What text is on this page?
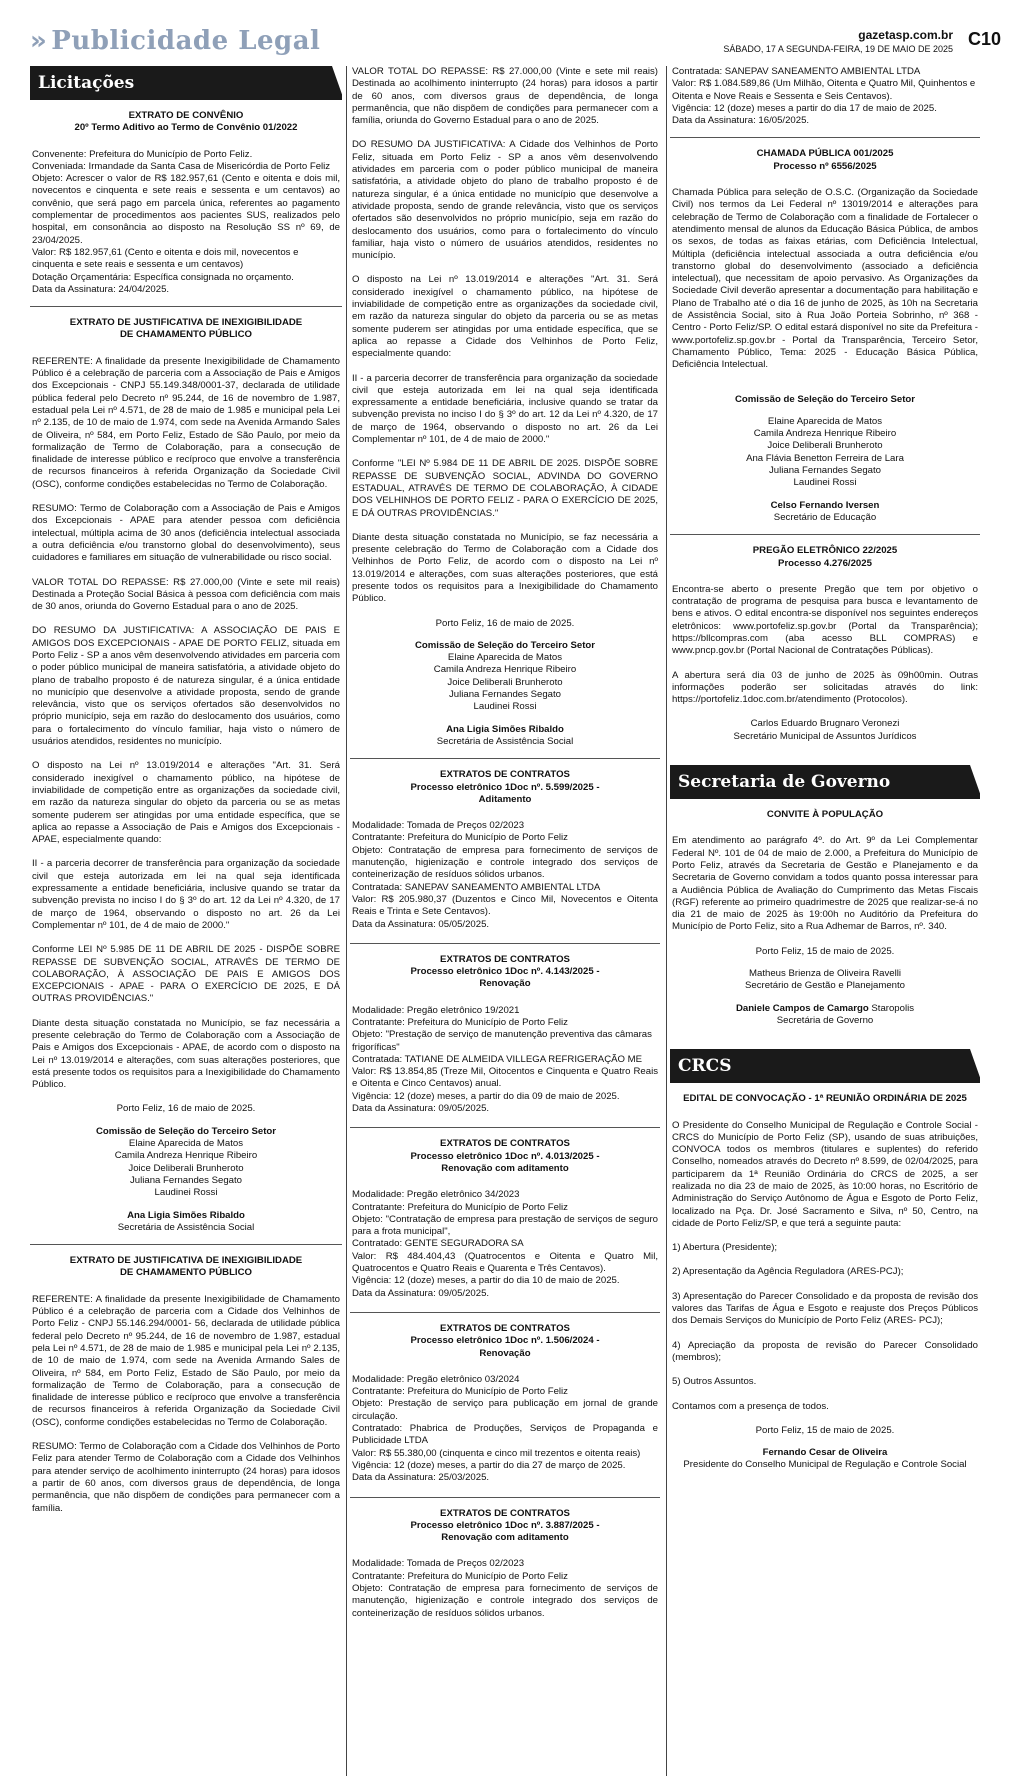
» Publicidade Legal	gazetasp.com.br
SÁBADO, 17 A SEGUNDA-FEIRA, 19 DE MAIO DE 2025 C10
Licitações
EXTRATO DE CONVÊNIO
20º Termo Aditivo ao Termo de Convênio 01/2022
Convenente: Prefeitura do Município de Porto Feliz.
Conveniada: Irmandade da Santa Casa de Misericórdia de Porto Feliz
Objeto: Acrescer o valor de R$ 182.957,61 (Cento e oitenta e dois mil, novecentos e cinquenta e sete reais e sessenta e um centavos) ao convênio, que será pago em parcela única, referentes ao pagamento complementar de procedimentos aos pacientes SUS, realizados pelo hospital, em consonância ao disposto na Resolução SS nº 69, de 23/04/2025.
Valor: R$ 182.957,61 (Cento e oitenta e dois mil, novecentos e cinquenta e sete reais e sessenta e um centavos)
Dotação Orçamentária: Específica consignada no orçamento.
Data da Assinatura: 24/04/2025.
EXTRATO DE JUSTIFICATIVA DE INEXIGIBILIDADE
DE CHAMAMENTO PÚBLICO
REFERENTE: A finalidade da presente Inexigibilidade de Chamamento Público é a celebração de parceria com a Associação de Pais e Amigos dos Excepcionais - CNPJ 55.149.348/0001-37, declarada de utilidade pública federal pelo Decreto nº 95.244, de 16 de novembro de 1.987, estadual pela Lei nº 4.571, de 28 de maio de 1.985 e municipal pela Lei nº 2.135, de 10 de maio de 1.974, com sede na Avenida Armando Sales de Oliveira, nº 584, em Porto Feliz, Estado de São Paulo, por meio da formalização de Termo de Colaboração, para a consecução de finalidade de interesse público e recíproco que envolve a transferência de recursos financeiros à referida Organização da Sociedade Civil (OSC), conforme condições estabelecidas no Termo de Colaboração.
RESUMO: Termo de Colaboração com a Associação de Pais e Amigos dos Excepcionais - APAE para atender pessoa com deficiência intelectual, múltipla acima de 30 anos (deficiência intelectual associada a outra deficiência e/ou transtorno global do desenvolvimento), seus cuidadores e familiares em situação de vulnerabilidade ou risco social.
VALOR TOTAL DO REPASSE: R$ 27.000,00 (Vinte e sete mil reais) Destinada a Proteção Social Básica à pessoa com deficiência com mais de 30 anos, oriunda do Governo Estadual para o ano de 2025.
DO RESUMO DA JUSTIFICATIVA: A ASSOCIAÇÃO DE PAIS E AMIGOS DOS EXCEPCIONAIS - APAE DE PORTO FELIZ, situada em Porto Feliz - SP a anos vêm desenvolvendo atividades em parceria com o poder público municipal de maneira satisfatória, a atividade objeto do plano de trabalho proposto é de natureza singular, é a única entidade no município que desenvolve a atividade proposta, sendo de grande relevância, visto que os serviços ofertados são desenvolvidos no próprio município, seja em razão do deslocamento dos usuários, como para o fortalecimento do vínculo familiar, haja visto o número de usuários atendidos, residentes no município.
O disposto na Lei nº 13.019/2014 e alterações "Art. 31. Será considerado inexigível o chamamento público, na hipótese de inviabilidade de competição entre as organizações da sociedade civil, em razão da natureza singular do objeto da parceria ou se as metas somente puderem ser atingidas por uma entidade específica, que se aplica ao repasse a Associação de Pais e Amigos dos Excepcionais - APAE, especialmente quando:
II - a parceria decorrer de transferência para organização da sociedade civil que esteja autorizada em lei na qual seja identificada expressamente a entidade beneficiária, inclusive quando se tratar da subvenção prevista no inciso I do § 3º do art. 12 da Lei nº 4.320, de 17 de março de 1964, observando o disposto no art. 26 da Lei Complementar nº 101, de 4 de maio de 2000."
Conforme LEI Nº 5.985 DE 11 DE ABRIL DE 2025 - DISPÕE SOBRE REPASSE DE SUBVENÇÃO SOCIAL, ATRAVÉS DE TERMO DE COLABORAÇÃO, À ASSOCIAÇÃO DE PAIS E AMIGOS DOS EXCEPCIONAIS - APAE - PARA O EXERCÍCIO DE 2025, E DÁ OUTRAS PROVIDÊNCIAS."
Diante desta situação constatada no Município, se faz necessária a presente celebração do Termo de Colaboração com a Associação de Pais e Amigos dos Excepcionais - APAE, de acordo com o disposto na Lei nº 13.019/2014 e alterações, com suas alterações posteriores, que está presente todos os requisitos para a Inexigibilidade do Chamamento Público.
Porto Feliz, 16 de maio de 2025.
Comissão de Seleção do Terceiro Setor
Elaine Aparecida de Matos
Camila Andreza Henrique Ribeiro
Joice Deliberali Brunheroto
Juliana Fernandes Segato
Laudinei Rossi
Ana Ligia Simões Ribaldo
Secretária de Assistência Social
EXTRATO DE JUSTIFICATIVA DE INEXIGIBILIDADE
DE CHAMAMENTO PÚBLICO
REFERENTE: A finalidade da presente Inexigibilidade de Chamamento Público é a celebração de parceria com a Cidade dos Velhinhos de Porto Feliz - CNPJ 55.146.294/0001- 56, declarada de utilidade pública federal pelo Decreto nº 95.244, de 16 de novembro de 1.987, estadual pela Lei nº 4.571, de 28 de maio de 1.985 e municipal pela Lei nº 2.135, de 10 de maio de 1.974, com sede na Avenida Armando Sales de Oliveira, nº 584, em Porto Feliz, Estado de São Paulo, por meio da formalização de Termo de Colaboração, para a consecução de finalidade de interesse público e recíproco que envolve a transferência de recursos financeiros à referida Organização da Sociedade Civil (OSC), conforme condições estabelecidas no Termo de Colaboração.
RESUMO: Termo de Colaboração com a Cidade dos Velhinhos de Porto Feliz para atender Termo de Colaboração com a Cidade dos Velhinhos para atender serviço de acolhimento ininterrupto (24 horas) para idosos a partir de 60 anos, com diversos graus de dependência, de longa permanência, que não dispõem de condições para permanecer com a família.
VALOR TOTAL DO REPASSE: R$ 27.000,00 (Vinte e sete mil reais) Destinada ao acolhimento ininterrupto (24 horas) para idosos a partir de 60 anos, com diversos graus de dependência, de longa permanência, que não dispõem de condições para permanecer com a família, oriunda do Governo Estadual para o ano de 2025.
DO RESUMO DA JUSTIFICATIVA: A Cidade dos Velhinhos de Porto Feliz, situada em Porto Feliz - SP a anos vêm desenvolvendo atividades em parceria com o poder público municipal de maneira satisfatória, a atividade objeto do plano de trabalho proposto é de natureza singular, é a única entidade no município que desenvolve a atividade proposta, sendo de grande relevância, visto que os serviços ofertados são desenvolvidos no próprio município, seja em razão do deslocamento dos usuários, como para o fortalecimento do vínculo familiar, haja visto o número de usuários atendidos, residentes no município.
O disposto na Lei nº 13.019/2014 e alterações "Art. 31. Será considerado inexigível o chamamento público, na hipótese de inviabilidade de competição entre as organizações da sociedade civil, em razão da natureza singular do objeto da parceria ou se as metas somente puderem ser atingidas por uma entidade específica, que se aplica ao repasse a Cidade dos Velhinhos de Porto Feliz, especialmente quando:
II - a parceria decorrer de transferência para organização da sociedade civil que esteja autorizada em lei na qual seja identificada expressamente a entidade beneficiária, inclusive quando se tratar da subvenção prevista no inciso I do § 3º do art. 12 da Lei nº 4.320, de 17 de março de 1964, observando o disposto no art. 26 da Lei Complementar nº 101, de 4 de maio de 2000."
Conforme "LEI Nº 5.984 DE 11 DE ABRIL DE 2025. DISPÕE SOBRE REPASSE DE SUBVENÇÃO SOCIAL, ADVINDA DO GOVERNO ESTADUAL, ATRAVÉS DE TERMO DE COLABORAÇÃO, À CIDADE DOS VELHINHOS DE PORTO FELIZ - PARA O EXERCÍCIO DE 2025, E DÁ OUTRAS PROVIDÊNCIAS."
Diante desta situação constatada no Município, se faz necessária a presente celebração do Termo de Colaboração com a Cidade dos Velhinhos de Porto Feliz, de acordo com o disposto na Lei nº 13.019/2014 e alterações, com suas alterações posteriores, que está presente todos os requisitos para a Inexigibilidade do Chamamento Público.
Porto Feliz, 16 de maio de 2025.
Comissão de Seleção do Terceiro Setor
Elaine Aparecida de Matos
Camila Andreza Henrique Ribeiro
Joice Deliberali Brunheroto
Juliana Fernandes Segato
Laudinei Rossi
Ana Ligia Simões Ribaldo
Secretária de Assistência Social
EXTRATOS DE CONTRATOS
Processo eletrônico 1Doc nº. 5.599/2025 -
Aditamento
Modalidade: Tomada de Preços 02/2023
Contratante: Prefeitura do Município de Porto Feliz
Objeto: Contratação de empresa para fornecimento de serviços de manutenção, higienização e controle integrado dos serviços de conteinerização de resíduos sólidos urbanos.
Contratada: SANEPAV SANEAMENTO AMBIENTAL LTDA
Valor: R$ 205.980,37 (Duzentos e Cinco Mil, Novecentos e Oitenta Reais e Trinta e Sete Centavos).
Data da Assinatura: 05/05/2025.
EXTRATOS DE CONTRATOS
Processo eletrônico 1Doc nº. 4.143/2025 -
Renovação
Modalidade: Pregão eletrônico 19/2021
Contratante: Prefeitura do Município de Porto Feliz
Objeto: "Prestação de serviço de manutenção preventiva das câmaras frigoríficas"
Contratada: TATIANE DE ALMEIDA VILLEGA REFRIGERAÇÃO ME
Valor: R$ 13.854,85 (Treze Mil, Oitocentos e Cinquenta e Quatro Reais e Oitenta e Cinco Centavos) anual.
Vigência: 12 (doze) meses, a partir do dia 09 de maio de 2025.
Data da Assinatura: 09/05/2025.
EXTRATOS DE CONTRATOS
Processo eletrônico 1Doc nº. 4.013/2025 -
Renovação com aditamento
Modalidade: Pregão eletrônico 34/2023
Contratante: Prefeitura do Município de Porto Feliz
Objeto: "Contratação de empresa para prestação de serviços de seguro para a frota municipal",
Contratado: GENTE SEGURADORA SA
Valor: R$ 484.404,43 (Quatrocentos e Oitenta e Quatro Mil, Quatrocentos e Quatro Reais e Quarenta e Três Centavos).
Vigência: 12 (doze) meses, a partir do dia 10 de maio de 2025.
Data da Assinatura: 09/05/2025.
EXTRATOS DE CONTRATOS
Processo eletrônico 1Doc nº. 1.506/2024 -
Renovação
Modalidade: Pregão eletrônico 03/2024
Contratante: Prefeitura do Município de Porto Feliz
Objeto: Prestação de serviço para publicação em jornal de grande circulação.
Contratado: Phabrica de Produções, Serviços de Propaganda e Publicidade LTDA
Valor: R$ 55.380,00 (cinquenta e cinco mil trezentos e oitenta reais)
Vigência: 12 (doze) meses, a partir do dia 27 de março de 2025.
Data da Assinatura: 25/03/2025.
EXTRATOS DE CONTRATOS
Processo eletrônico 1Doc nº. 3.887/2025 -
Renovação com aditamento
Modalidade: Tomada de Preços 02/2023
Contratante: Prefeitura do Município de Porto Feliz
Objeto: Contratação de empresa para fornecimento de serviços de manutenção, higienização e controle integrado dos serviços de conteinerização de resíduos sólidos urbanos.
Contratada: SANEPAV SANEAMENTO AMBIENTAL LTDA
Valor: R$ 1.084.589,86 (Um Milhão, Oitenta e Quatro Mil, Quinhentos e Oitenta e Nove Reais e Sessenta e Seis Centavos).
Vigência: 12 (doze) meses a partir do dia 17 de maio de 2025.
Data da Assinatura: 16/05/2025.
CHAMADA PÚBLICA 001/2025
Processo nº 6556/2025
Chamada Pública para seleção de O.S.C. (Organização da Sociedade Civil) nos termos da Lei Federal nº 13019/2014 e alterações para celebração de Termo de Colaboração com a finalidade de Fortalecer o atendimento mensal de alunos da Educação Básica Pública, de ambos os sexos, de todas as faixas etárias, com Deficiência Intelectual, Múltipla (deficiência intelectual associada a outra deficiência e/ou transtorno global do desenvolvimento (associado a deficiência intelectual), que necessitam de apoio pervasivo. As Organizações da Sociedade Civil deverão apresentar a documentação para habilitação e Plano de Trabalho até o dia 16 de junho de 2025, às 10h na Secretaria de Assistência Social, sito à Rua João Porteia Sobrinho, nº 368 - Centro - Porto Feliz/SP. O edital estará disponível no site da Prefeitura - www.portofeliz.sp.gov.br - Portal da Transparência, Terceiro Setor, Chamamento Público, Tema: 2025 - Educação Básica Pública, Deficiência Intelectual.
Comissão de Seleção do Terceiro Setor
Elaine Aparecida de Matos
Camila Andreza Henrique Ribeiro
Joice Deliberali Brunheroto
Ana Flávia Benetton Ferreira de Lara
Juliana Fernandes Segato
Laudinei Rossi
Celso Fernando Iversen
Secretário de Educação
PREGÃO ELETRÔNICO 22/2025
Processo 4.276/2025
Encontra-se aberto o presente Pregão que tem por objetivo o contratação de programa de pesquisa para busca e levantamento de bens e ativos. O edital encontra-se disponível nos seguintes endereços eletrônicos: www.portofeliz.sp.gov.br (Portal da Transparência); https://bllcompras.com (aba acesso BLL COMPRAS) e www.pncp.gov.br (Portal Nacional de Contratações Públicas).
A abertura será dia 03 de junho de 2025 às 09h00min. Outras informações poderão ser solicitadas através do link: https://portofeliz.1doc.com.br/atendimento (Protocolos).
Carlos Eduardo Brugnaro Veronezi
Secretário Municipal de Assuntos Jurídicos
Secretaria de Governo
CONVITE À POPULAÇÃO
Em atendimento ao parágrafo 4º. do Art. 9º da Lei Complementar Federal Nº. 101 de 04 de maio de 2.000, a Prefeitura do Município de Porto Feliz, através da Secretaria de Gestão e Planejamento e da Secretaria de Governo convidam a todos quanto possa interessar para a Audiência Pública de Avaliação do Cumprimento das Metas Fiscais (RGF) referente ao primeiro quadrimestre de 2025 que realizar-se-á no dia 21 de maio de 2025 às 19:00h no Auditório da Prefeitura do Município de Porto Feliz, sito a Rua Adhemar de Barros, nº. 340.
Porto Feliz, 15 de maio de 2025.
Matheus Brienza de Oliveira Ravelli
Secretário de Gestão e Planejamento
Daniele Campos de Camargo Staropolis
Secretária de Governo
CRCS
EDITAL DE CONVOCAÇÃO - 1ª REUNIÃO ORDINÁRIA DE 2025
O Presidente do Conselho Municipal de Regulação e Controle Social - CRCS do Município de Porto Feliz (SP), usando de suas atribuições, CONVOCA todos os membros (titulares e suplentes) do referido Conselho, nomeados através do Decreto nº 8.599, de 02/04/2025, para participarem da 1ª Reunião Ordinária do CRCS de 2025, a ser realizada no dia 23 de maio de 2025, às 10:00 horas, no Escritório de Administração do Serviço Autônomo de Água e Esgoto de Porto Feliz, localizado na Pça. Dr. José Sacramento e Silva, nº 50, Centro, na cidade de Porto Feliz/SP, e que terá a seguinte pauta:
1) Abertura (Presidente);
2) Apresentação da Agência Reguladora (ARES-PCJ);
3) Apresentação do Parecer Consolidado e da proposta de revisão dos valores das Tarifas de Água e Esgoto e reajuste dos Preços Públicos dos Demais Serviços do Município de Porto Feliz (ARES- PCJ);
4) Apreciação da proposta de revisão do Parecer Consolidado (membros);
5) Outros Assuntos.
Contamos com a presença de todos.
Porto Feliz, 15 de maio de 2025.
Fernando Cesar de Oliveira
Presidente do Conselho Municipal de Regulação e Controle Social
